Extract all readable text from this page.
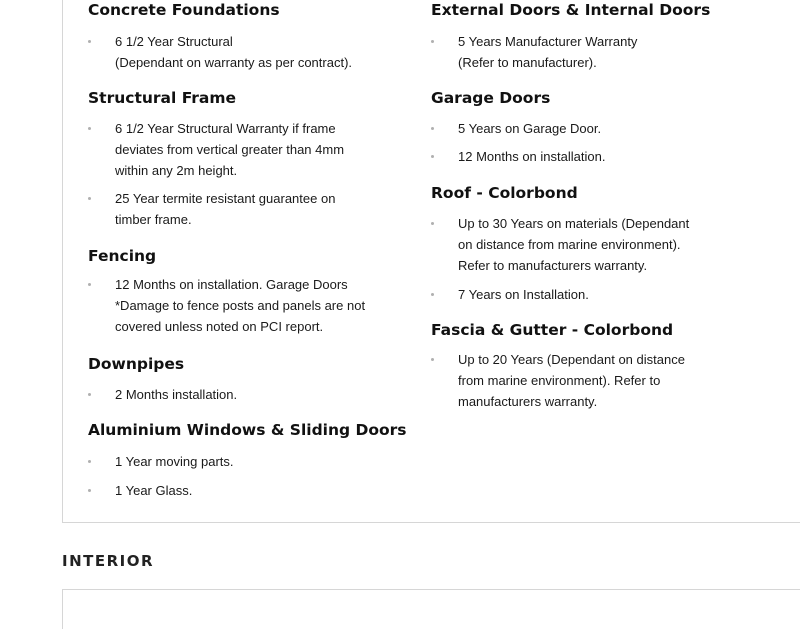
Concrete Foundations
6 1/2 Year Structural
(Dependant on warranty as per contract).
Structural Frame
6 1/2 Year Structural Warranty if frame
deviates from vertical greater than 4mm
within any 2m height.
25 Year termite resistant guarantee on
timber frame.
Fencing
12 Months on installation. Garage Doors
*Damage to fence posts and panels are not
covered unless noted on PCI report.
Downpipes
2 Months installation.
Aluminium Windows & Sliding Doors
1 Year moving parts.
1 Year Glass.
External Doors & Internal Doors
5 Years Manufacturer Warranty
(Refer to manufacturer).
Garage Doors
5 Years on Garage Door.
12 Months on installation.
Roof - Colorbond
Up to 30 Years on materials (Dependant
on distance from marine environment).
Refer to manufacturers warranty.
7 Years on Installation.
Fascia & Gutter - Colorbond
Up to 20 Years (Dependant on distance
from marine environment). Refer to
manufacturers warranty.
INTERIOR
